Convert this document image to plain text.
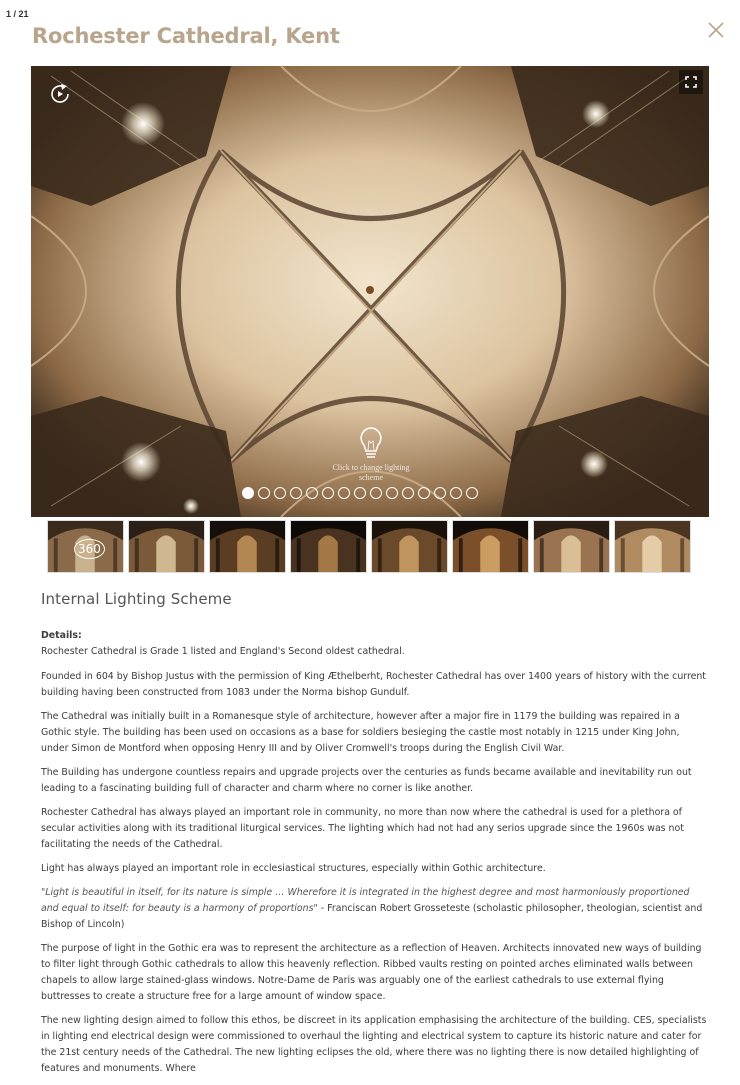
1 / 21
Rochester Cathedral, Kent
Click to change lighting scheme
360
Internal Lighting Scheme
Details:

Rochester Cathedral is Grade 1 listed and England's Second oldest cathedral.

Founded in 604 by Bishop Justus with the permission of King Æthelberht, Rochester Cathedral has over 1400 years of history with the current building having been constructed from 1083 under the Norma bishop Gundulf.

The Cathedral was initially built in a Romanesque style of architecture, however after a major fire in 1179 the building was repaired in a Gothic style. The building has been used on occasions as a base for soldiers besieging the castle most notably in 1215 under King John, under Simon de Montford when opposing Henry III and by Oliver Cromwell's troops during the English Civil War.

The Building has undergone countless repairs and upgrade projects over the centuries as funds became available and inevitability run out leading to a fascinating building full of character and charm where no corner is like another.

Rochester Cathedral has always played an important role in community, no more than now where the cathedral is used for a plethora of secular activities along with its traditional liturgical services. The lighting which had not had any serios upgrade since the 1960s was not facilitating the needs of the Cathedral.

Light has always played an important role in ecclesiastical structures, especially within Gothic architecture.

"Light is beautiful in itself, for its nature is simple … Wherefore it is integrated in the highest degree and most harmoniously proportioned and equal to itself: for beauty is a harmony of proportions" - Franciscan Robert Grosseteste (scholastic philosopher, theologian, scientist and Bishop of Lincoln)

The purpose of light in the Gothic era was to represent the architecture as a reflection of Heaven. Architects innovated new ways of building to filter light through Gothic cathedrals to allow this heavenly reflection. Ribbed vaults resting on pointed arches eliminated walls between chapels to allow large stained-glass windows. Notre-Dame de Paris was arguably one of the earliest cathedrals to use external flying buttresses to create a structure free for a large amount of window space.

The new lighting design aimed to follow this ethos, be discreet in its application emphasising the architecture of the building. CES, specialists in lighting end electrical design were commissioned to overhaul the lighting and electrical system to capture its historic nature and cater for the 21st century needs of the Cathedral. The new lighting eclipses the old, where there was no lighting there is now detailed highlighting of features and monuments. Where
